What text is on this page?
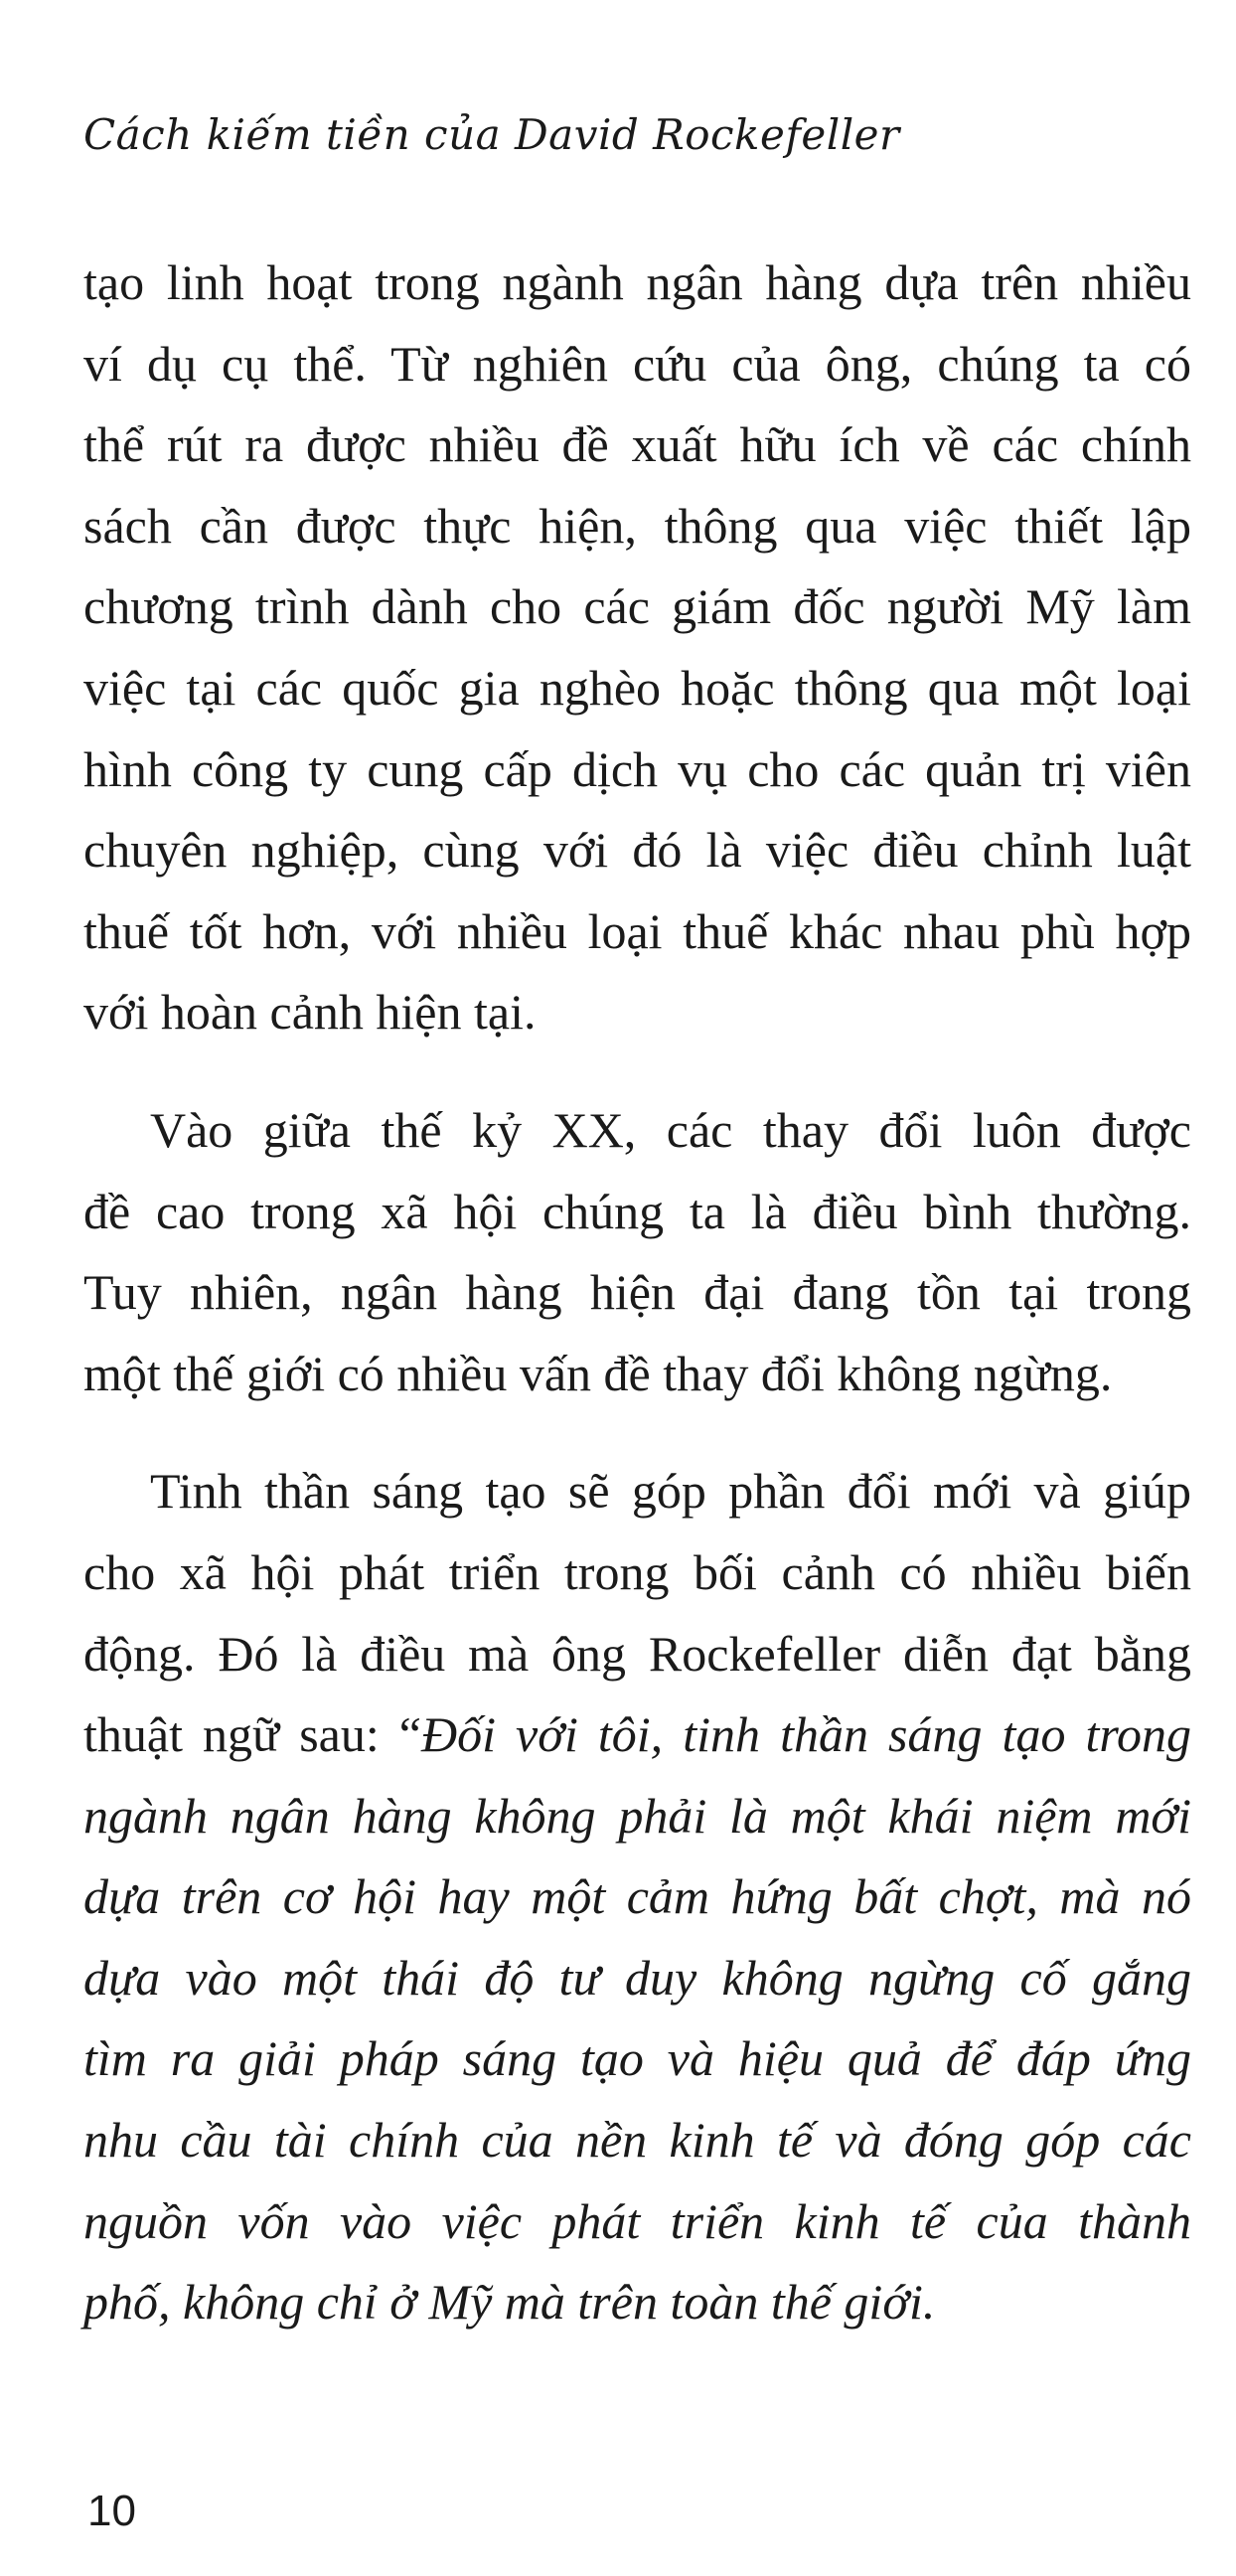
Cách kiếm tiền của David Rockefeller

tạo linh hoạt trong ngành ngân hàng dựa trên nhiều
ví dụ cụ thể. Từ nghiên cứu của ông, chúng ta có
thể rút ra được nhiều đề xuất hữu ích về các chính
sách cần được thực hiện, thông qua việc thiết lập
chương trình dành cho các giám đốc người Mỹ làm
việc tại các quốc gia nghèo hoặc thông qua một loại
hình công ty cung cấp dịch vụ cho các quản trị viên
chuyên nghiệp, cùng với đó là việc điều chỉnh luật
thuế tốt hơn, với nhiều loại thuế khác nhau phù hợp
với hoàn cảnh hiện tại.

Vào giữa thế kỷ XX, các thay đổi luôn được
đề cao trong xã hội chúng ta là điều bình thường.
Tuy nhiên, ngân hàng hiện đại đang tồn tại trong
một thế giới có nhiều vấn đề thay đổi không ngừng.

Tinh thần sáng tạo sẽ góp phần đổi mới và giúp
cho xã hội phát triển trong bối cảnh có nhiều biến
động. Đó là điều mà ông Rockefeller diễn đạt bằng
thuật ngữ sau: “Đối với tôi, tinh thần sáng tạo trong
ngành ngân hàng không phải là một khái niệm mới
dựa trên cơ hội hay một cảm hứng bất chợt, mà nó
dựa vào một thái độ tư duy không ngừng cố gắng
tìm ra giải pháp sáng tạo và hiệu quả để đáp ứng
nhu cầu tài chính của nền kinh tế và đóng góp các
nguồn vốn vào việc phát triển kinh tế của thành
phố, không chỉ ở Mỹ mà trên toàn thế giới.

10
